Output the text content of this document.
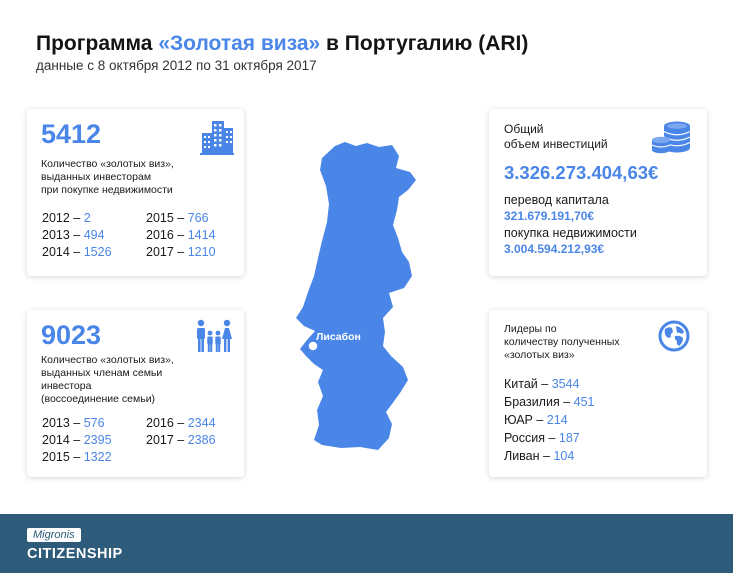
Программа «Золотая виза» в Португалию (ARI)
данные с 8 октября 2012 по 31 октября 2017
5412
Количество «золотых виз»,
выданных инвесторам
при покупке недвижимости
2012 – 2
2013 – 494
2014 – 1526
2015 – 766
2016 – 1414
2017 – 1210
9023
Количество «золотых виз»,
выданных членам семьи
инвестора
(воссоединение семьи)
2013 – 576
2014 – 2395
2015 – 1322
2016 – 2344
2017 – 2386
Общий
объем инвестиций
3.326.273.404,63€
перевод капитала
321.679.191,70€
покупка недвижимости
3.004.594.212,93€
Лидеры по
количеству полученных
«золотых виз»
Китай – 3544
Бразилия – 451
ЮАР – 214
Россия – 187
Ливан – 104
Лисабон
Migronis
CITIZENSHIP
